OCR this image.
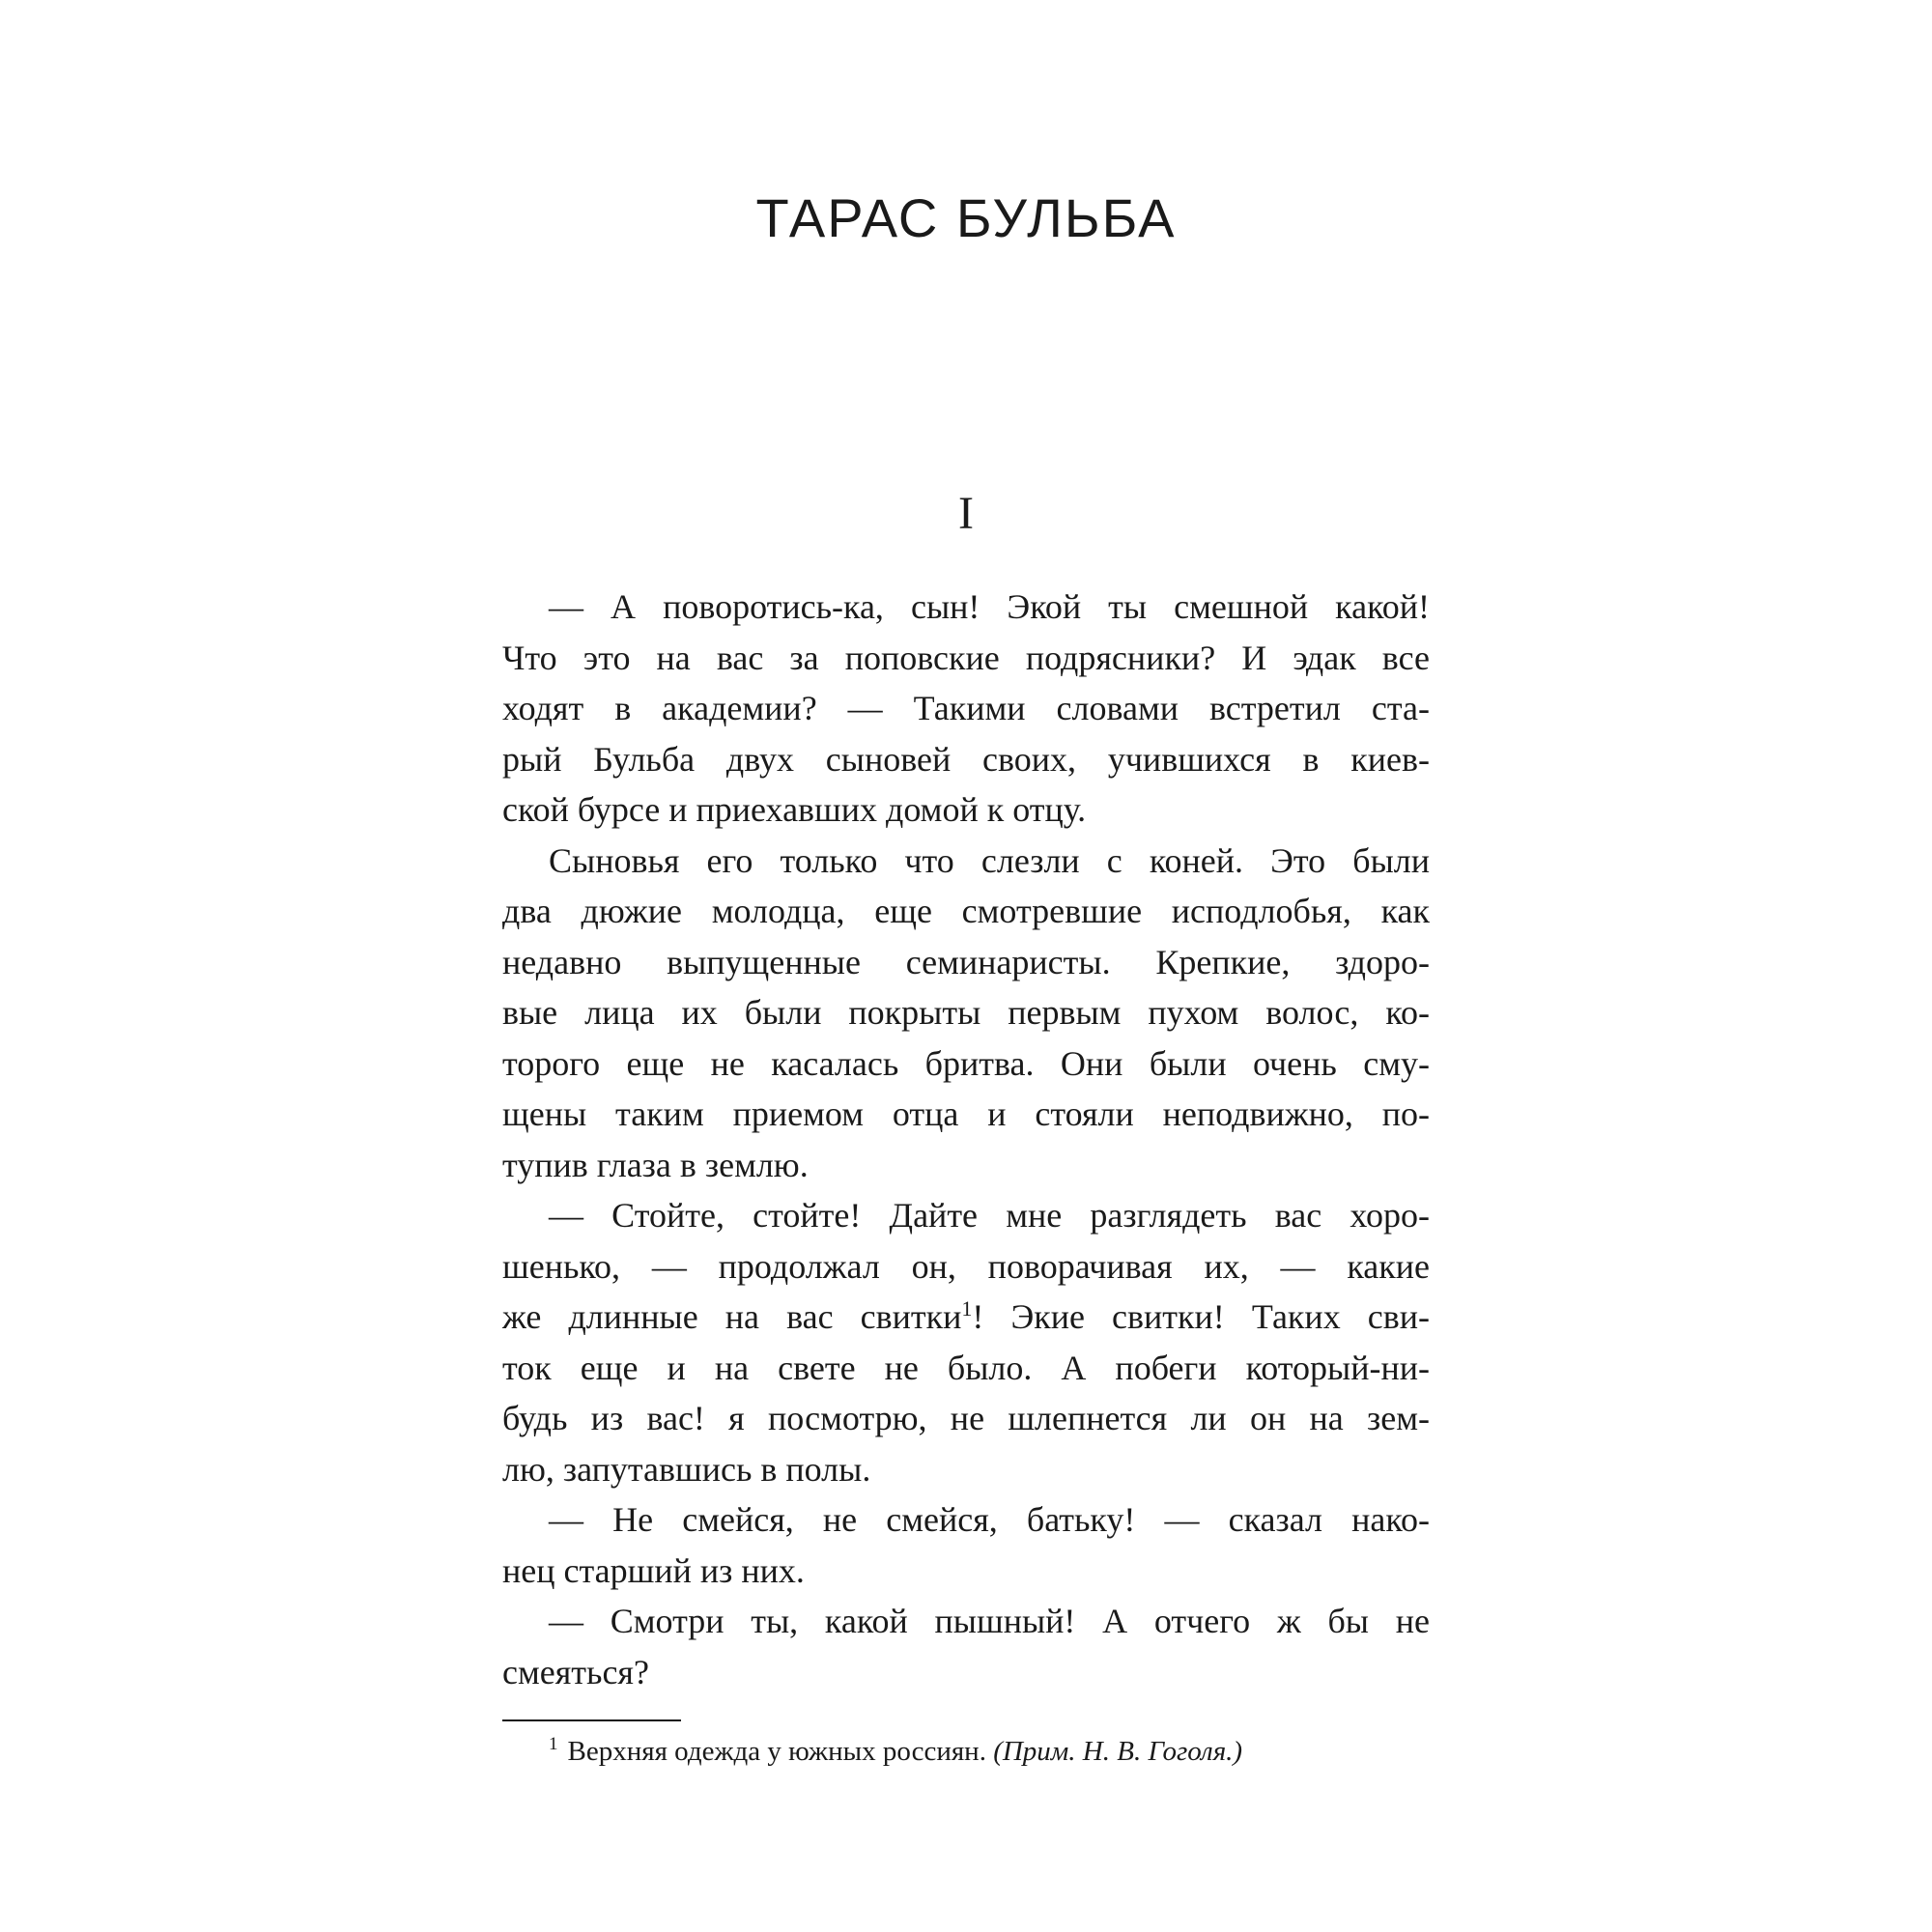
ТАРАС БУЛЬБА
I
— А поворотись-ка, сын! Экой ты смешной какой!
Что это на вас за поповские подрясники? И эдак все
ходят в академии? — Такими словами встретил ста-
рый Бульба двух сыновей своих, учившихся в киев-
ской бурсе и приехавших домой к отцу.
Сыновья его только что слезли с коней. Это были
два дюжие молодца, еще смотревшие исподлобья, как
недавно выпущенные семинаристы. Крепкие, здоро-
вые лица их были покрыты первым пухом волос, ко-
торого еще не касалась бритва. Они были очень сму-
щены таким приемом отца и стояли неподвижно, по-
тупив глаза в землю.
— Стойте, стойте! Дайте мне разглядеть вас хоро-
шенько, — продолжал он, поворачивая их, — какие
же длинные на вас свитки$^1$! Экие свитки! Таких сви-
ток еще и на свете не было. А побеги который-ни-
будь из вас! я посмотрю, не шлепнется ли он на зем-
лю, запутавшись в полы.
— Не смейся, не смейся, батьку! — сказал нако-
нец старший из них.
— Смотри ты, какой пышный! А отчего ж бы не
смеяться?
$^1$ Верхняя одежда у южных россиян. (Прим. Н. В. Гоголя.)
